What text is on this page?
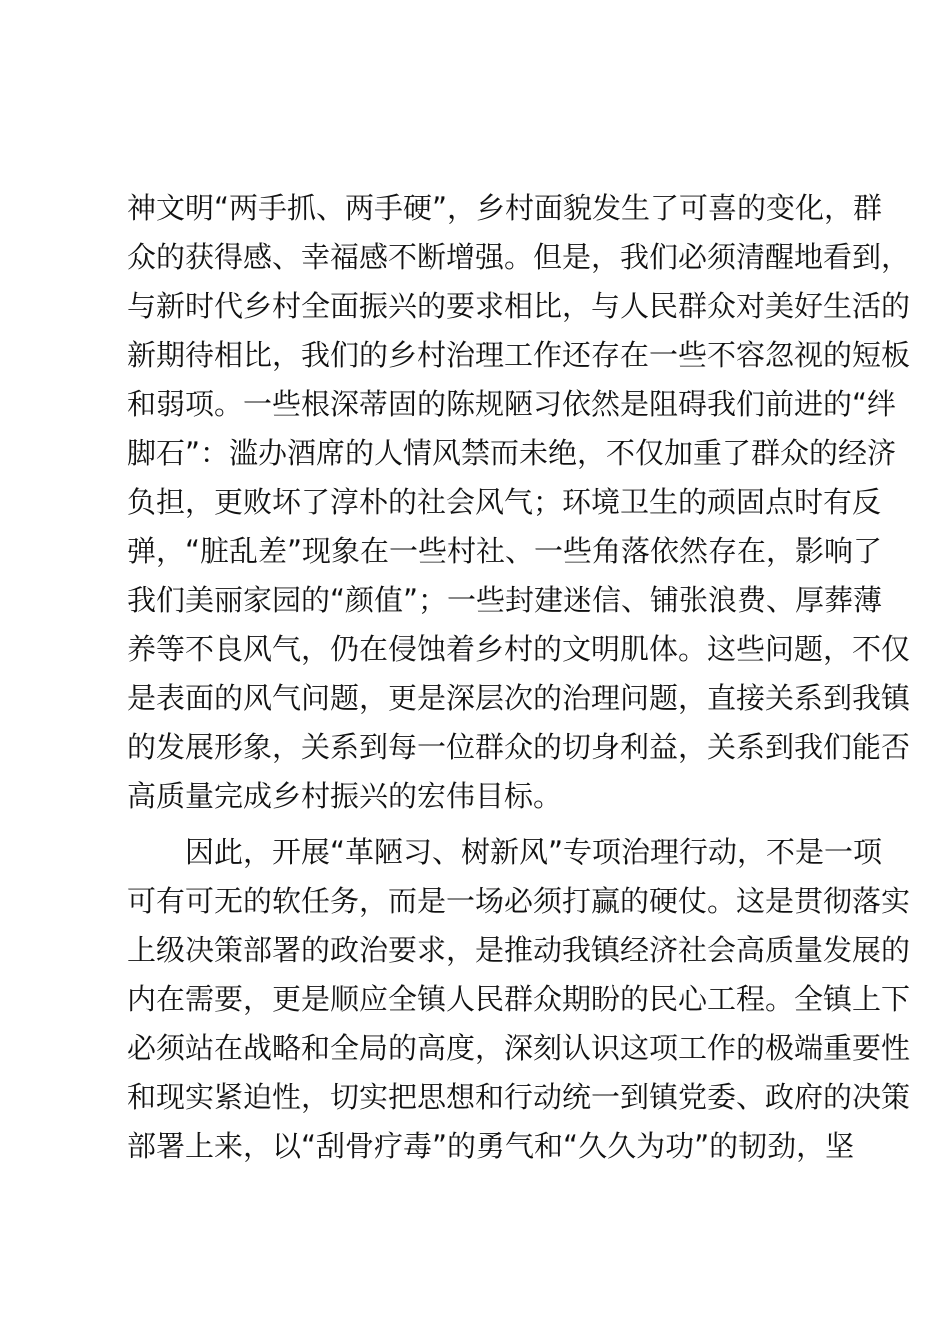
神文明“两手抓、两手硬”，乡村面貌发生了可喜的变化，群
众的获得感、幸福感不断增强。但是，我们必须清醒地看到，
与新时代乡村全面振兴的要求相比，与人民群众对美好生活的
新期待相比，我们的乡村治理工作还存在一些不容忽视的短板
和弱项。一些根深蒂固的陈规陋习依然是阻碍我们前进的“绊
脚石”：滥办酒席的人情风禁而未绝，不仅加重了群众的经济
负担，更败坏了淳朴的社会风气；环境卫生的顽固点时有反
弹，“脏乱差”现象在一些村社、一些角落依然存在，影响了
我们美丽家园的“颜值”；一些封建迷信、铺张浪费、厚葬薄
养等不良风气，仍在侵蚀着乡村的文明肌体。这些问题，不仅
是表面的风气问题，更是深层次的治理问题，直接关系到我镇
的发展形象，关系到每一位群众的切身利益，关系到我们能否
高质量完成乡村振兴的宏伟目标。
因此，开展“革陋习、树新风”专项治理行动，不是一项
可有可无的软任务，而是一场必须打赢的硬仗。这是贯彻落实
上级决策部署的政治要求，是推动我镇经济社会高质量发展的
内在需要，更是顺应全镇人民群众期盼的民心工程。全镇上下
必须站在战略和全局的高度，深刻认识这项工作的极端重要性
和现实紧迫性，切实把思想和行动统一到镇党委、政府的决策
部署上来，以“刮骨疗毒”的勇气和“久久为功”的韧劲，坚
